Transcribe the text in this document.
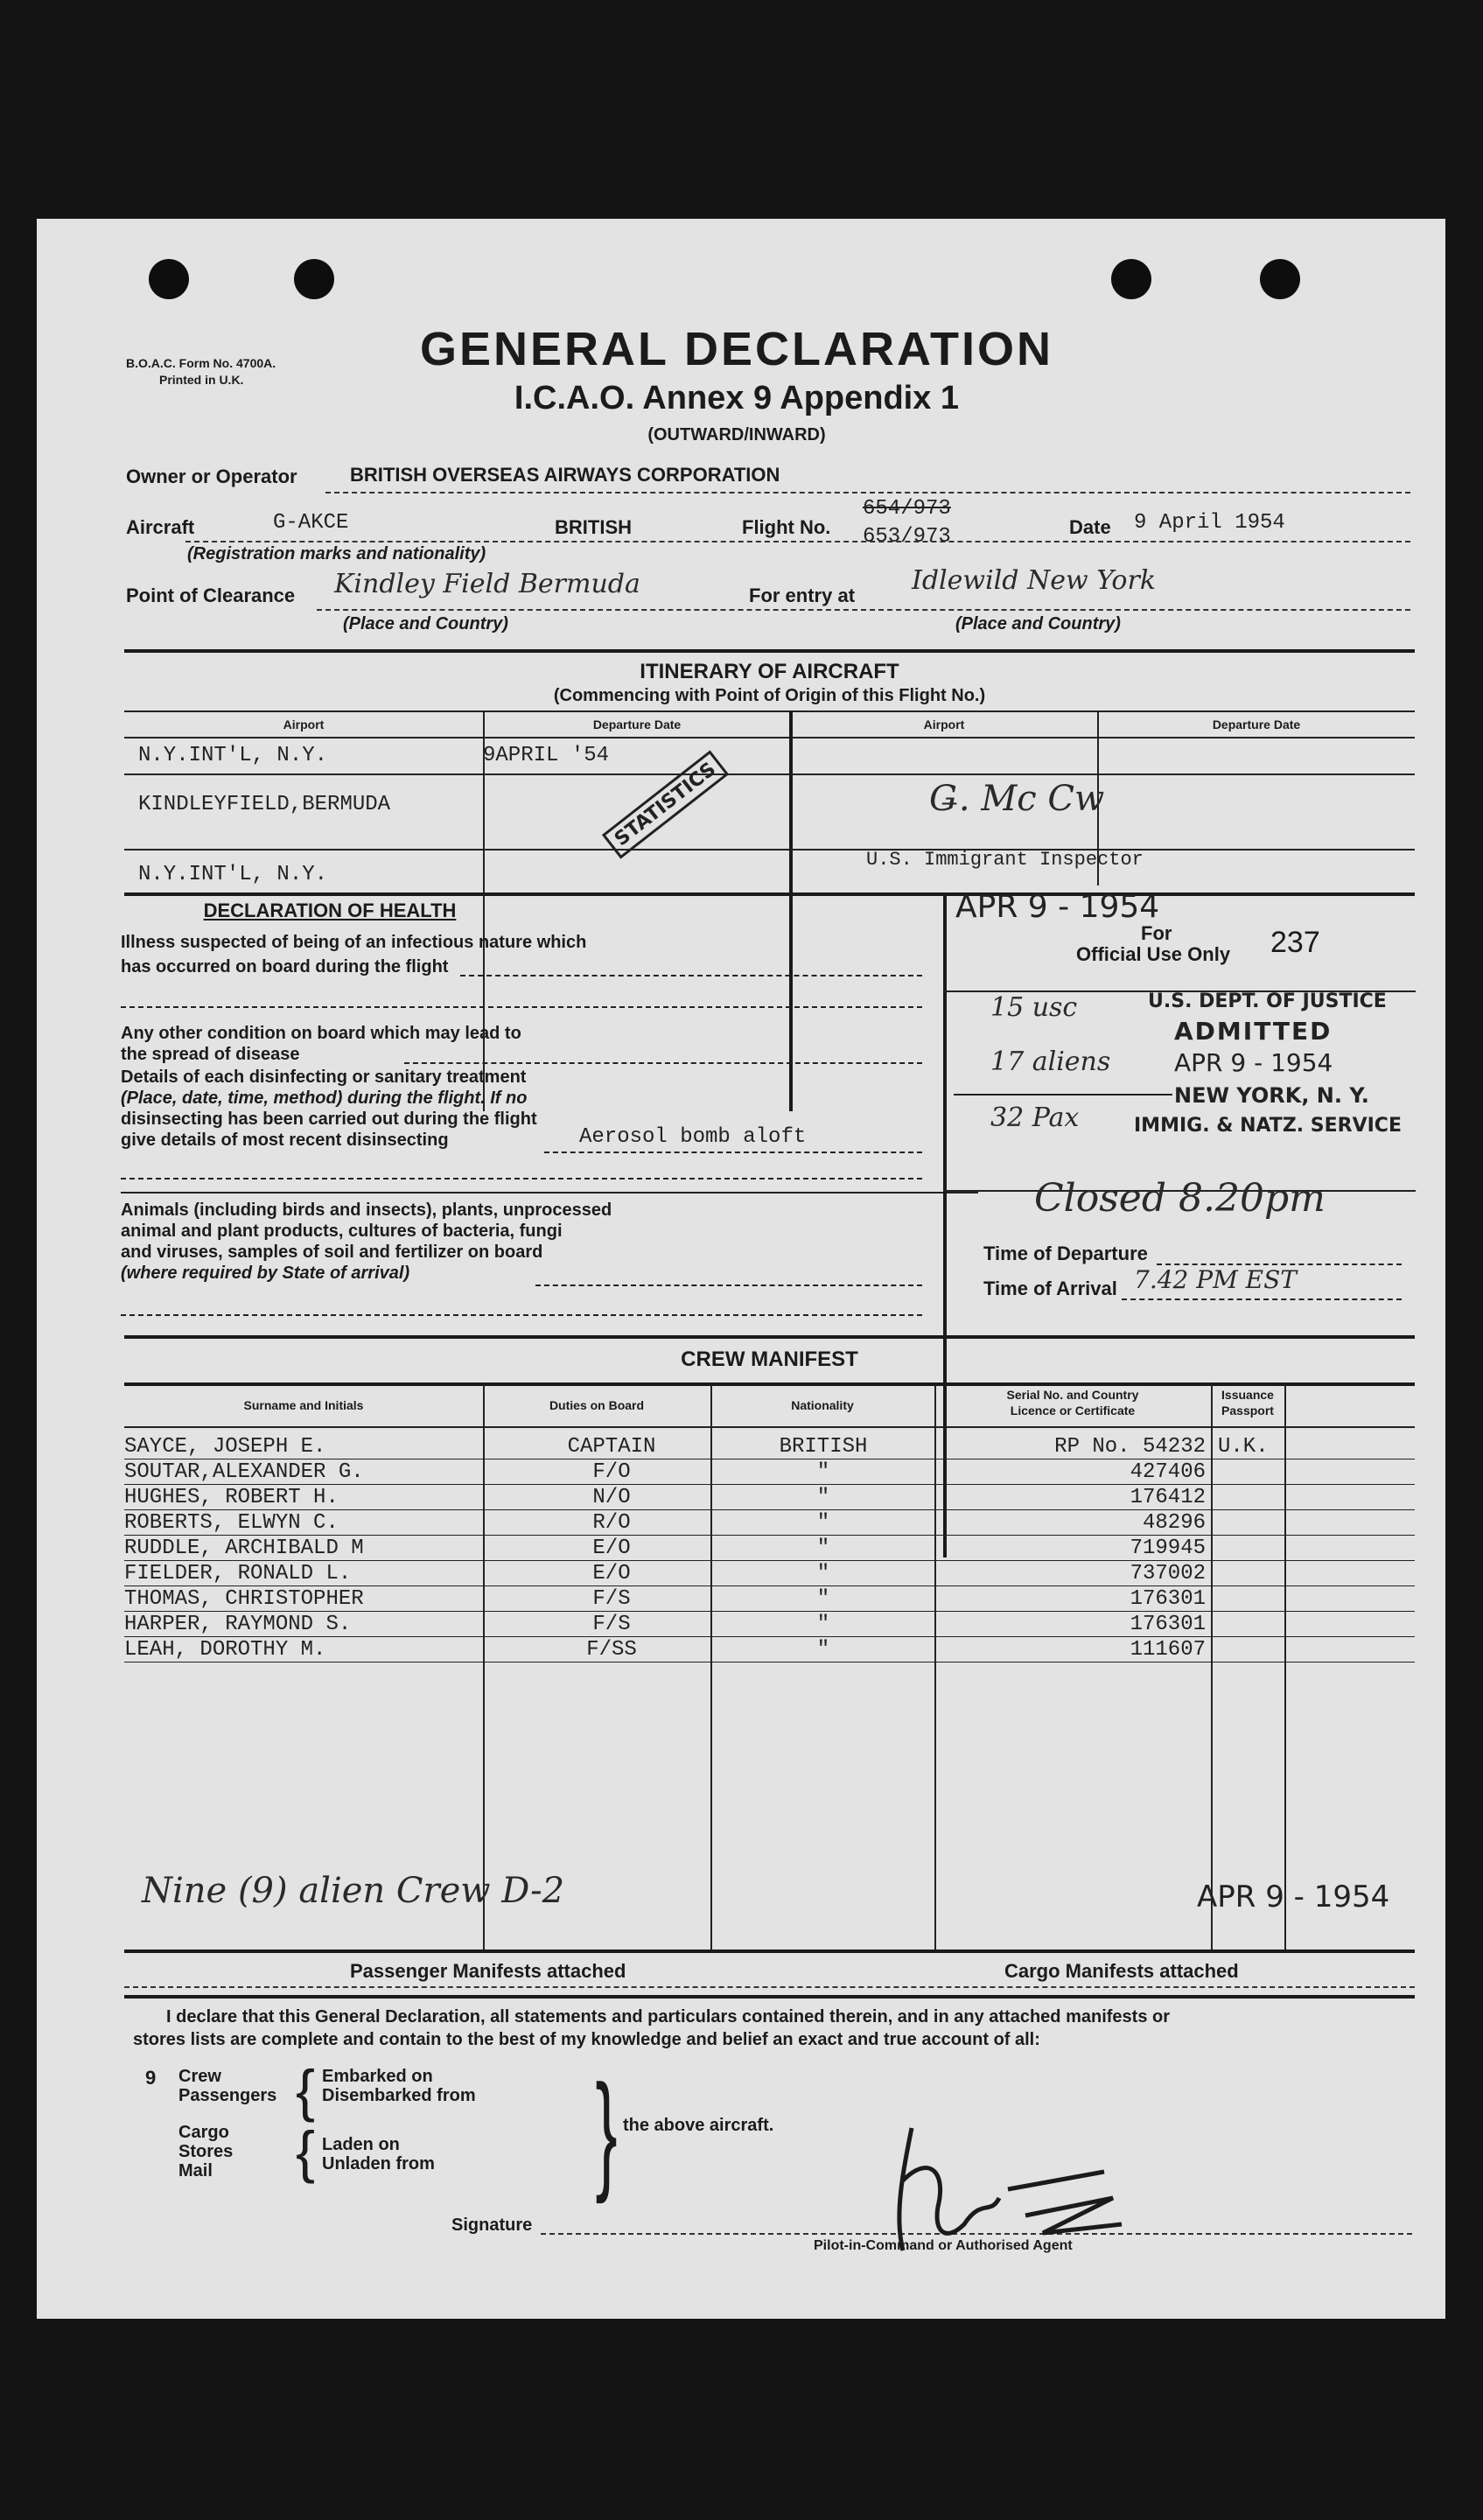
B.O.A.C. Form No. 4700A.
Printed in U.K.
GENERAL DECLARATION
I.C.A.O. Annex 9 Appendix 1
(OUTWARD/INWARD)
Owner or Operator	BRITISH OVERSEAS AIRWAYS CORPORATION
Aircraft	G-AKCE	BRITISH	Flight No.
654/973
653/973	Date 9 April 1954
(Registration marks and nationality)
Point of Clearance Kindley Field Bermuda	For entry at Idlewild New York
(Place and Country)	(Place and Country)
ITINERARY OF AIRCRAFT
(Commencing with Point of Origin of this Flight No.)
Airport	Departure Date	Airport	Departure Date
N.Y.INT'L, N.Y.	9APRIL '54
KINDLEYFIELD,BERMUDA
N.Y.INT'L, N.Y.
STATISTICS	Ǥ. Mc Cw
U.S. Immigrant Inspector
DECLARATION OF HEALTH
Illness suspected of being of an infectious nature which
has occurred on board during the flight
Any other condition on board which may lead to
the spread of disease
Details of each disinfecting or sanitary treatment
(Place, date, time, method) during the flight. If no
disinsecting has been carried out during the flight
give details of most recent disinsecting	Aerosol bomb aloft
Animals (including birds and insects), plants, unprocessed
animal and plant products, cultures of bacteria, fungi
and viruses, samples of soil and fertilizer on board
(where required by State of arrival)
APR 9 - 1954
For
Official Use Only 237
15 usc
17 aliens
32 Pax
U.S. DEPT. OF JUSTICE
ADMITTED
APR 9 - 1954
NEW YORK, N. Y.
IMMIG. & NATZ. SERVICE
Closed 8.20pm
Time of Departure
Time of Arrival 7.42 PM EST
CREW MANIFEST
Surname and Initials	Duties on Board	Nationality
Serial No. and Country
Licence or Certificate
Issuance
Passport
SAYCE, JOSEPH E.	CAPTAIN	BRITISH	RP No. 54232 U.K.
SOUTAR,ALEXANDER G.	F/O	"	427406
HUGHES, ROBERT H.	N/O	"	176412
ROBERTS, ELWYN C.	R/O	"	48296
RUDDLE, ARCHIBALD M	E/O	"	719945
FIELDER, RONALD L.	E/O	"	737002
THOMAS, CHRISTOPHER	F/S	"	176301
HARPER, RAYMOND S.	F/S	"	176301
LEAH, DOROTHY M.	F/SS	"	111607
Nine (9) alien Crew D-2	APR 9 - 1954
Passenger Manifests attached	Cargo Manifests attached
I declare that this General Declaration, all statements and particulars contained therein, and in any attached manifests or
stores lists are complete and contain to the best of my knowledge and belief an exact and true account of all:
9 Crew
Passengers { Embarked on
Disembarked from
Cargo
Stores
Mail { Laden on
Unladen from } the above aircraft.
Signature
Pilot-in-Command or Authorised Agent
